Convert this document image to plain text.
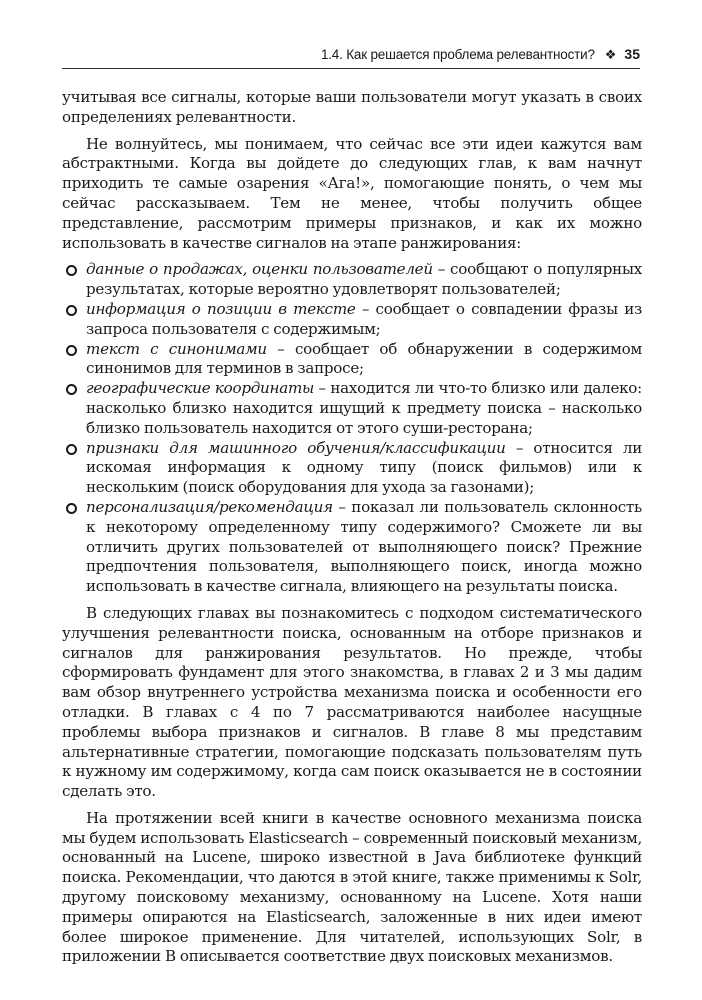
1.4. Как решается проблема релевантности? ❖ 35

учитывая все сигналы, которые ваши пользователи могут указать в своих определениях релевантности.

Не волнуйтесь, мы понимаем, что сейчас все эти идеи кажутся вам абстрактными. Когда вы дойдете до следующих глав, к вам начнут приходить те самые озарения «Ага!», помогающие понять, о чем мы сейчас рассказываем. Тем не менее, чтобы получить общее представление, рассмотрим примеры признаков, и как их можно использовать в качестве сигналов на этапе ранжирования:

данные о продажах, оценки пользователей – сообщают о популярных результатах, которые вероятно удовлетворят пользователей;
информация о позиции в тексте – сообщает о совпадении фразы из запроса пользователя с содержимым;
текст с синонимами – сообщает об обнаружении в содержимом синонимов для терминов в запросе;
географические координаты – находится ли что-то близко или далеко: насколько близко находится ищущий к предмету поиска – насколько близко пользователь находится от этого суши-ресторана;
признаки для машинного обучения/классификации – относится ли искомая информация к одному типу (поиск фильмов) или к нескольким (поиск оборудования для ухода за газонами);
персонализация/рекомендация – показал ли пользователь склонность к некоторому определенному типу содержимого? Сможете ли вы отличить других пользователей от выполняющего поиск? Прежние предпочтения пользователя, выполняющего поиск, иногда можно использовать в качестве сигнала, влияющего на результаты поиска.

В следующих главах вы познакомитесь с подходом систематического улучшения релевантности поиска, основанным на отборе признаков и сигналов для ранжирования результатов. Но прежде, чтобы сформировать фундамент для этого знакомства, в главах 2 и 3 мы дадим вам обзор внутреннего устройства механизма поиска и особенности его отладки. В главах с 4 по 7 рассматриваются наиболее насущные проблемы выбора признаков и сигналов. В главе 8 мы представим альтернативные стратегии, помогающие подсказать пользователям путь к нужному им содержимому, когда сам поиск оказывается не в состоянии сделать это.

На протяжении всей книги в качестве основного механизма поиска мы будем использовать Elasticsearch – современный поисковый механизм, основанный на Lucene, широко известной в Java библиотеке функций поиска. Рекомендации, что даются в этой книге, также применимы к Solr, другому поисковому механизму, основанному на Lucene. Хотя наши примеры опираются на Elasticsearch, заложенные в них идеи имеют более широкое применение. Для читателей, использующих Solr, в приложении B описывается соответствие двух поисковых механизмов.
